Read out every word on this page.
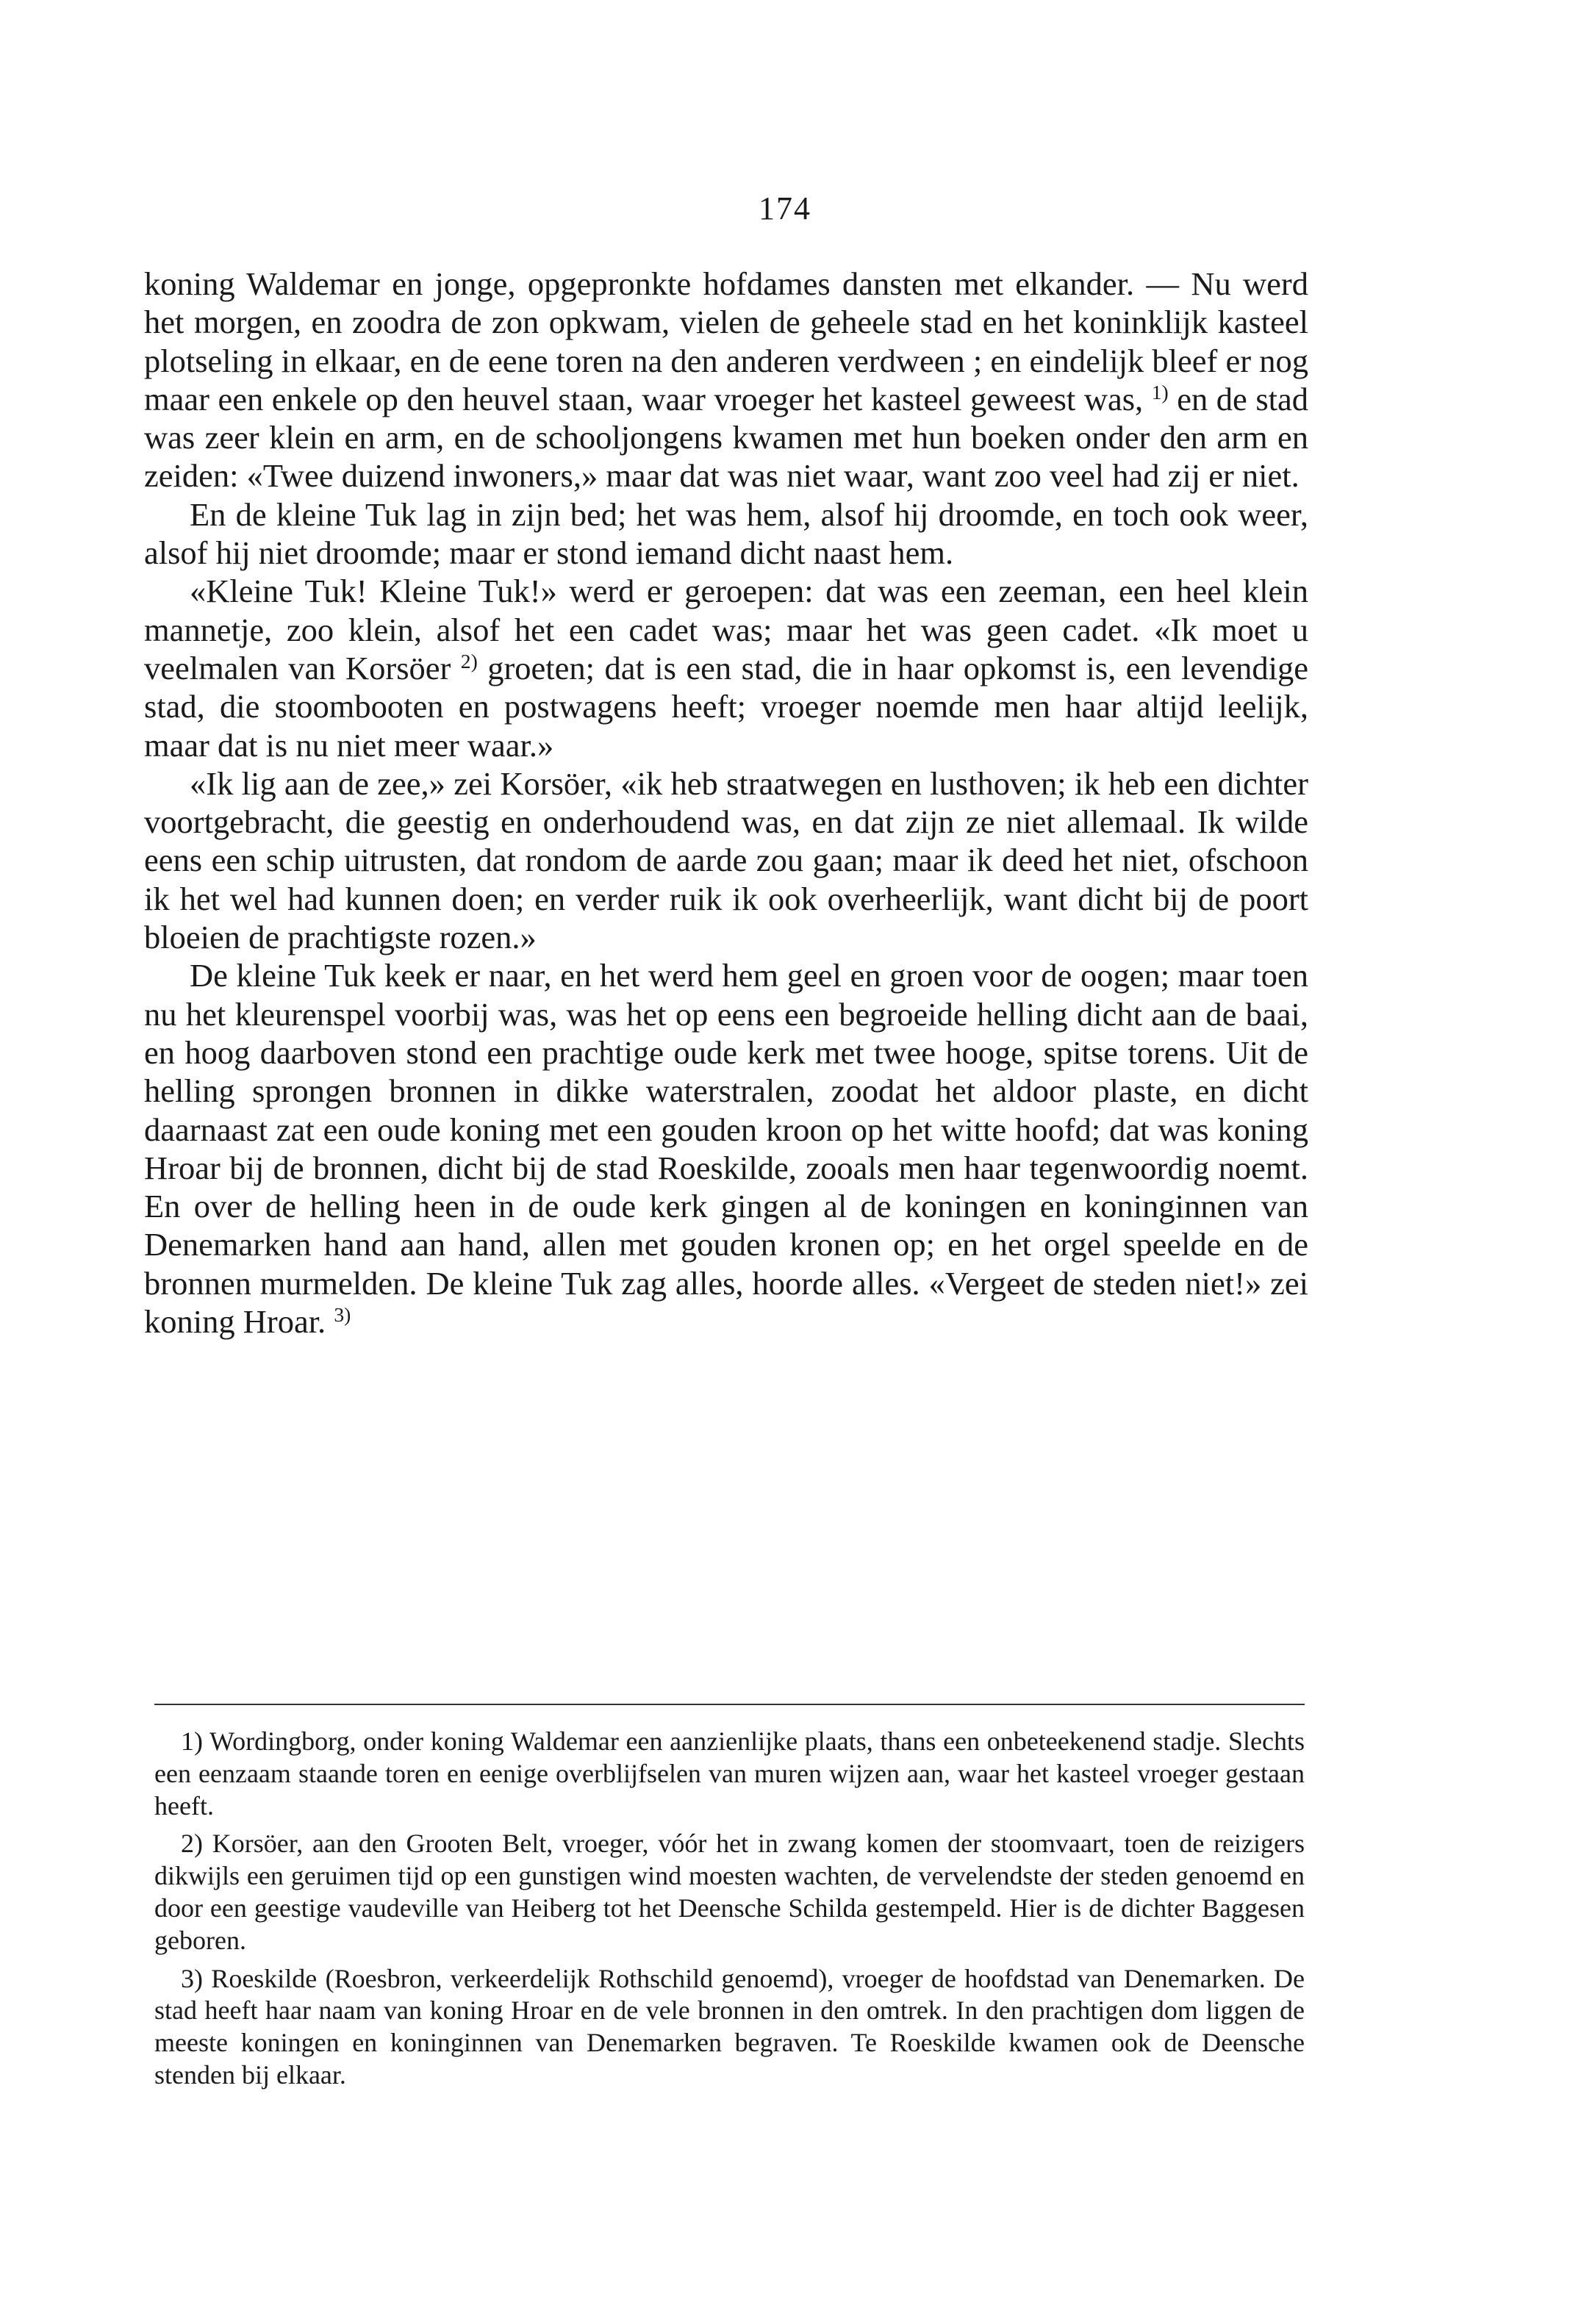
174

koning Waldemar en jonge, opgepronkte hofdames dansten met elkander. — Nu werd het morgen, en zoodra de zon opkwam, vielen de geheele stad en het koninklijk kasteel plotseling in elkaar, en de eene toren na den anderen verdween ; en eindelijk bleef er nog maar een enkele op den heuvel staan, waar vroeger het kasteel geweest was, $^{1)}$ en de stad was zeer klein en arm, en de schooljongens kwamen met hun boeken onder den arm en zeiden: «Twee duizend inwoners,» maar dat was niet waar, want zoo veel had zij er niet.

En de kleine Tuk lag in zijn bed; het was hem, alsof hij droomde, en toch ook weer, alsof hij niet droomde; maar er stond iemand dicht naast hem.

«Kleine Tuk! Kleine Tuk!» werd er geroepen: dat was een zeeman, een heel klein mannetje, zoo klein, alsof het een cadet was; maar het was geen cadet. «Ik moet u veelmalen van Korsöer $^{2)}$ groeten; dat is een stad, die in haar opkomst is, een levendige stad, die stoombooten en postwagens heeft; vroeger noemde men haar altijd leelijk, maar dat is nu niet meer waar.»

«Ik lig aan de zee,» zei Korsöer, «ik heb straatwegen en lusthoven; ik heb een dichter voortgebracht, die geestig en onderhoudend was, en dat zijn ze niet allemaal. Ik wilde eens een schip uitrusten, dat rondom de aarde zou gaan; maar ik deed het niet, ofschoon ik het wel had kunnen doen; en verder ruik ik ook overheerlijk, want dicht bij de poort bloeien de prachtigste rozen.»

De kleine Tuk keek er naar, en het werd hem geel en groen voor de oogen; maar toen nu het kleurenspel voorbij was, was het op eens een begroeide helling dicht aan de baai, en hoog daarboven stond een prachtige oude kerk met twee hooge, spitse torens. Uit de helling sprongen bronnen in dikke waterstralen, zoodat het aldoor plaste, en dicht daarnaast zat een oude koning met een gouden kroon op het witte hoofd; dat was koning Hroar bij de bronnen, dicht bij de stad Roeskilde, zooals men haar tegenwoordig noemt. En over de helling heen in de oude kerk gingen al de koningen en koninginnen van Denemarken hand aan hand, allen met gouden kronen op; en het orgel speelde en de bronnen murmelden. De kleine Tuk zag alles, hoorde alles. «Vergeet de steden niet!» zei koning Hroar. $^{3)}$

1) Wordingborg, onder koning Waldemar een aanzienlijke plaats, thans een onbeteekenend stadje. Slechts een eenzaam staande toren en eenige overblijfselen van muren wijzen aan, waar het kasteel vroeger gestaan heeft.

2) Korsöer, aan den Grooten Belt, vroeger, vóór het in zwang komen der stoomvaart, toen de reizigers dikwijls een geruimen tijd op een gunstigen wind moesten wachten, de vervelendste der steden genoemd en door een geestige vaudeville van Heiberg tot het Deensche Schilda gestempeld. Hier is de dichter Baggesen geboren.

3) Roeskilde (Roesbron, verkeerdelijk Rothschild genoemd), vroeger de hoofdstad van Denemarken. De stad heeft haar naam van koning Hroar en de vele bronnen in den omtrek. In den prachtigen dom liggen de meeste koningen en koninginnen van Denemarken begraven. Te Roeskilde kwamen ook de Deensche stenden bij elkaar.
